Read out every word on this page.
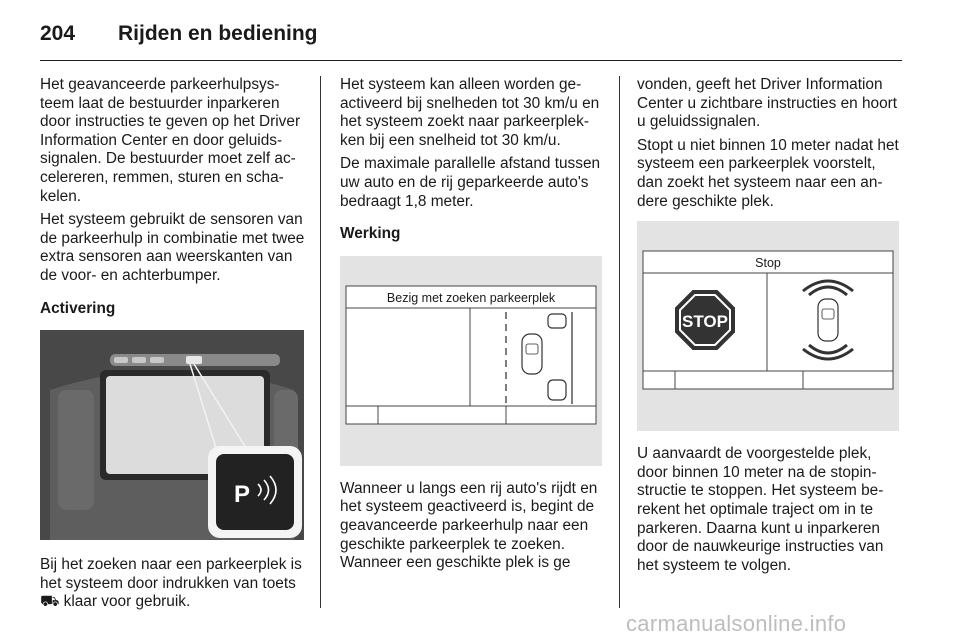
204 Rijden en bediening

Het geavanceerde parkeerhulpsysteem laat de bestuurder inparkeren door instructies te geven op het Driver Information Center en door geluidssignalen. De bestuurder moet zelf accelereren, remmen, sturen en schakelen.

Het systeem gebruikt de sensoren van de parkeerhulp in combinatie met twee extra sensoren aan weerskanten van de voor- en achterbumper.

Activering

P

Bij het zoeken naar een parkeerplek is het systeem door indrukken van toets ⛟ klaar voor gebruik.

Het systeem kan alleen worden geactiveerd bij snelheden tot 30 km/u en het systeem zoekt naar parkeerplekken bij een snelheid tot 30 km/u.

De maximale parallelle afstand tussen uw auto en de rij geparkeerde auto's bedraagt 1,8 meter.

Werking

Bezig met zoeken parkeerplek

Wanneer u langs een rij auto's rijdt en het systeem geactiveerd is, begint de geavanceerde parkeerhulp naar een geschikte parkeerplek te zoeken. Wanneer een geschikte plek is ge

vonden, geeft het Driver Information Center u zichtbare instructies en hoort u geluidssignalen.

Stopt u niet binnen 10 meter nadat het systeem een parkeerplek voorstelt, dan zoekt het systeem naar een andere geschikte plek.

Stop
STOP

U aanvaardt de voorgestelde plek, door binnen 10 meter na de stopinstructie te stoppen. Het systeem berekent het optimale traject om in te parkeren. Daarna kunt u inparkeren door de nauwkeurige instructies van het systeem te volgen.

carmanualsonline.info
